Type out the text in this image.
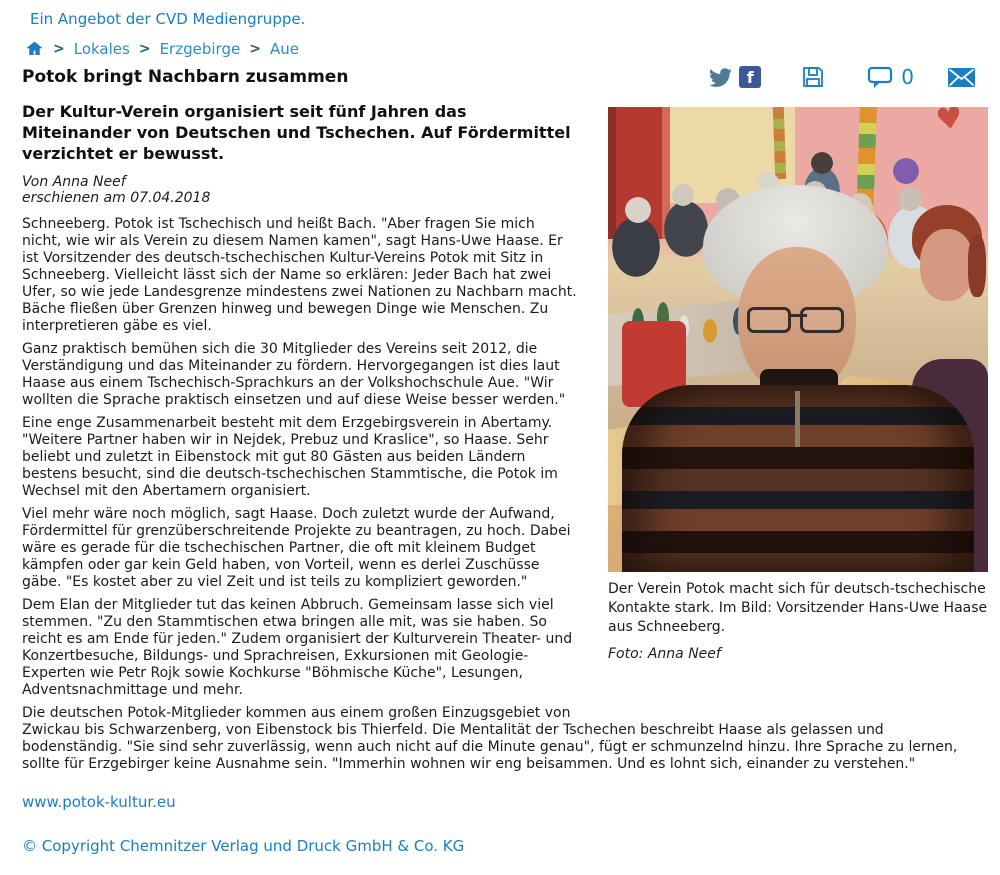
Ein Angebot der CVD Mediengruppe.
> Lokales > Erzgebirge > Aue
Potok bringt Nachbarn zusammen	f	0
♥
Der Verein Potok macht sich für deutsch-tschechische Kontakte stark. Im Bild: Vorsitzender Hans-Uwe Haase aus Schneeberg.
Foto: Anna Neef

Der Kultur-Verein organisiert seit fünf Jahren das Miteinander von Deutschen und Tschechen. Auf Fördermittel verzichtet er bewusst.

Von Anna Neef
erschienen am 07.04.2018

Schneeberg. Potok ist Tschechisch und heißt Bach. "Aber fragen Sie mich nicht, wie wir als Verein zu diesem Namen kamen", sagt Hans-Uwe Haase. Er ist Vorsitzender des deutsch-tschechischen Kultur-Vereins Potok mit Sitz in Schneeberg. Vielleicht lässt sich der Name so erklären: Jeder Bach hat zwei Ufer, so wie jede Landesgrenze mindestens zwei Nationen zu Nachbarn macht. Bäche fließen über Grenzen hinweg und bewegen Dinge wie Menschen. Zu interpretieren gäbe es viel.

Ganz praktisch bemühen sich die 30 Mitglieder des Vereins seit 2012, die Verständigung und das Miteinander zu fördern. Hervorgegangen ist dies laut Haase aus einem Tschechisch-Sprachkurs an der Volkshochschule Aue. "Wir wollten die Sprache praktisch einsetzen und auf diese Weise besser werden."

Eine enge Zusammenarbeit besteht mit dem Erzgebirgsverein in Abertamy. "Weitere Partner haben wir in Nejdek, Prebuz und Kraslice", so Haase. Sehr beliebt und zuletzt in Eibenstock mit gut 80 Gästen aus beiden Ländern bestens besucht, sind die deutsch-tschechischen Stammtische, die Potok im Wechsel mit den Abertamern organisiert.

Viel mehr wäre noch möglich, sagt Haase. Doch zuletzt wurde der Aufwand, Fördermittel für grenzüberschreitende Projekte zu beantragen, zu hoch. Dabei wäre es gerade für die tschechischen Partner, die oft mit kleinem Budget kämpfen oder gar kein Geld haben, von Vorteil, wenn es derlei Zuschüsse gäbe. "Es kostet aber zu viel Zeit und ist teils zu kompliziert geworden."

Dem Elan der Mitglieder tut das keinen Abbruch. Gemeinsam lasse sich viel stemmen. "Zu den Stammtischen etwa bringen alle mit, was sie haben. So reicht es am Ende für jeden." Zudem organisiert der Kulturverein Theater- und Konzertbesuche, Bildungs- und Sprachreisen, Exkursionen mit Geologie-Experten wie Petr Rojk sowie Kochkurse "Böhmische Küche", Lesungen, Adventsnachmittage und mehr.

Die deutschen Potok-Mitglieder kommen aus einem großen Einzugsgebiet von Zwickau bis Schwarzenberg, von Eibenstock bis Thierfeld. Die Mentalität der Tschechen beschreibt Haase als gelassen und bodenständig. "Sie sind sehr zuverlässig, wenn auch nicht auf die Minute genau", fügt er schmunzelnd hinzu. Ihre Sprache zu lernen, sollte für Erzgebirger keine Ausnahme sein. "Immerhin wohnen wir eng beisammen. Und es lohnt sich, einander zu verstehen."

www.potok-kultur.eu
© Copyright Chemnitzer Verlag und Druck GmbH & Co. KG
